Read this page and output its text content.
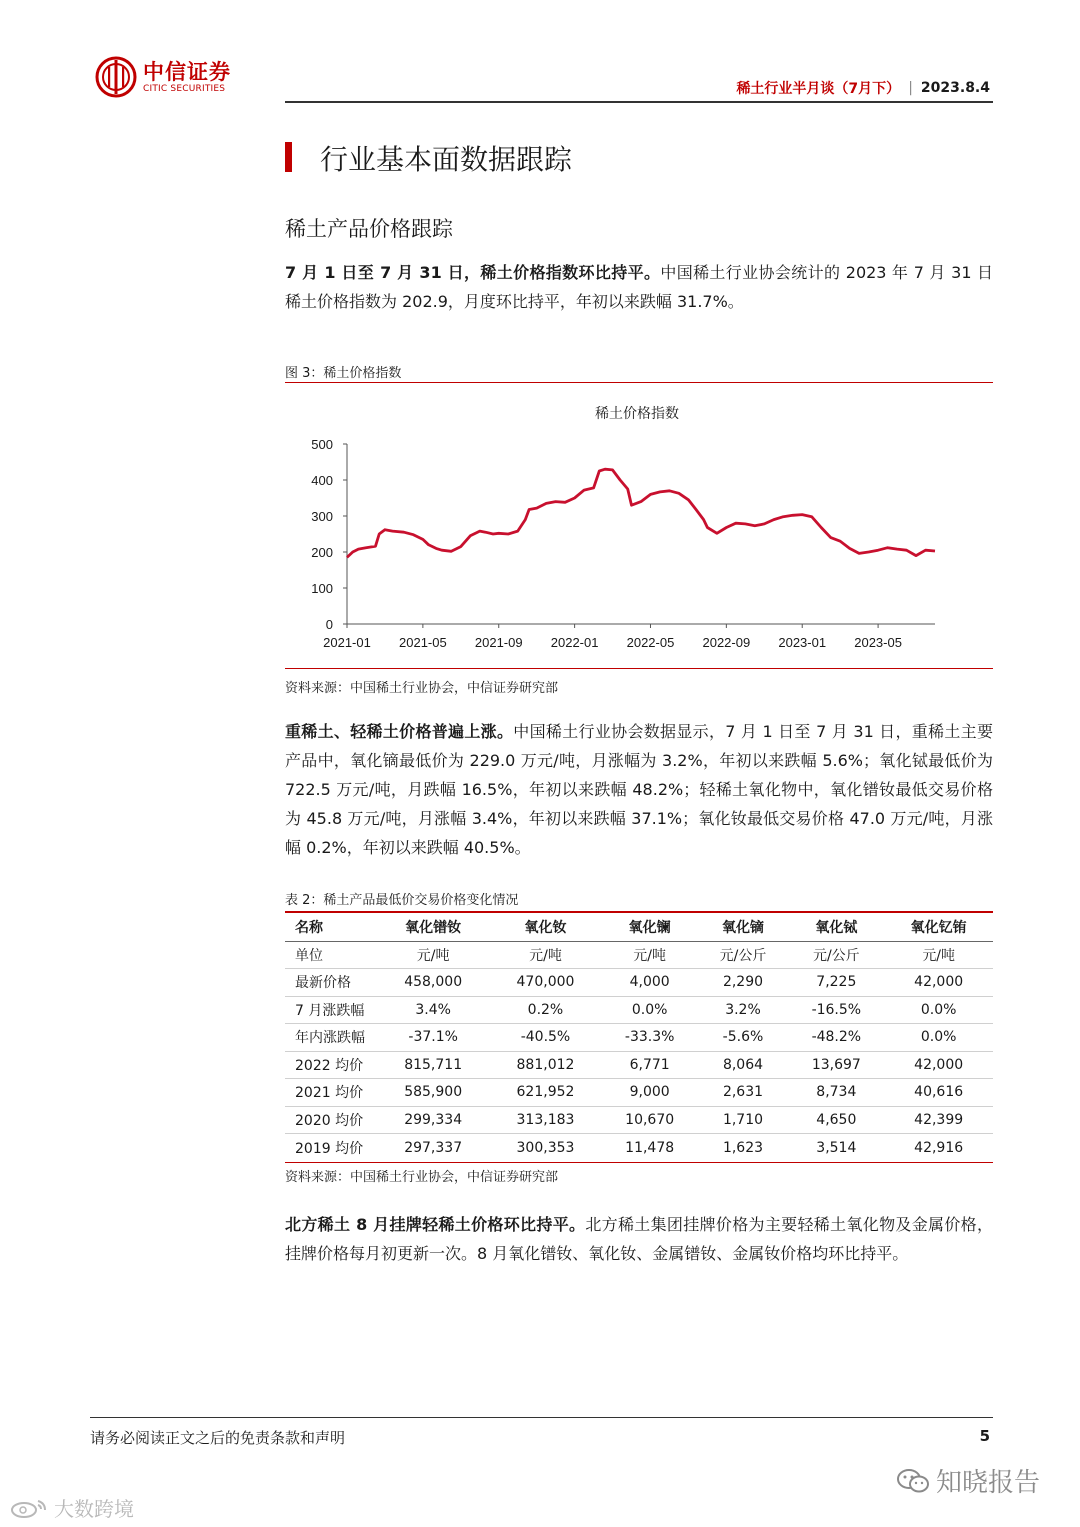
中信证券
CITIC SECURITIES	稀土行业半月谈（7月下） | 2023.8.4
行业基本面数据跟踪
稀土产品价格跟踪
7 月 1 日至 7 月 31 日，稀土价格指数环比持平。中国稀土行业协会统计的 2023 年 7 月 31 日稀土价格指数为 202.9，月度环比持平，年初以来跌幅 31.7%。
图 3：稀土价格指数
稀土价格指数
0
100
200
300
400
500
2021-01 2021-05 2021-09 2022-01 2022-05 2022-09 2023-01 2023-05
资料来源：中国稀土行业协会，中信证券研究部
重稀土、轻稀土价格普遍上涨。中国稀土行业协会数据显示，7 月 1 日至 7 月 31 日，重稀土主要产品中，氧化镝最低价为 229.0 万元/吨，月涨幅为 3.2%，年初以来跌幅 5.6%；氧化铽最低价为 722.5 万元/吨，月跌幅 16.5%，年初以来跌幅 48.2%；轻稀土氧化物中，氧化镨钕最低交易价格为 45.8 万元/吨，月涨幅 3.4%，年初以来跌幅 37.1%；氧化钕最低交易价格 47.0 万元/吨，月涨幅 0.2%，年初以来跌幅 40.5%。
表 2：稀土产品最低价交易价格变化情况
名称	氧化镨钕	氧化钕	氧化镧	氧化镝	氧化铽	氧化钇铕
单位	元/吨	元/吨	元/吨	元/公斤	元/公斤	元/吨
最新价格	458,000	470,000	4,000	2,290	7,225	42,000
7 月涨跌幅	3.4%	0.2%	0.0%	3.2%	-16.5%	0.0%
年内涨跌幅	-37.1%	-40.5%	-33.3%	-5.6%	-48.2%	0.0%
2022 均价	815,711	881,012	6,771	8,064	13,697	42,000
2021 均价	585,900	621,952	9,000	2,631	8,734	40,616
2020 均价	299,334	313,183	10,670	1,710	4,650	42,399
2019 均价	297,337	300,353	11,478	1,623	3,514	42,916
资料来源：中国稀土行业协会，中信证券研究部
北方稀土 8 月挂牌轻稀土价格环比持平。北方稀土集团挂牌价格为主要轻稀土氧化物及金属价格，挂牌价格每月初更新一次。8 月氧化镨钕、氧化钕、金属镨钕、金属钕价格均环比持平。
请务必阅读正文之后的免责条款和声明	5
知晓报告
大数跨境
